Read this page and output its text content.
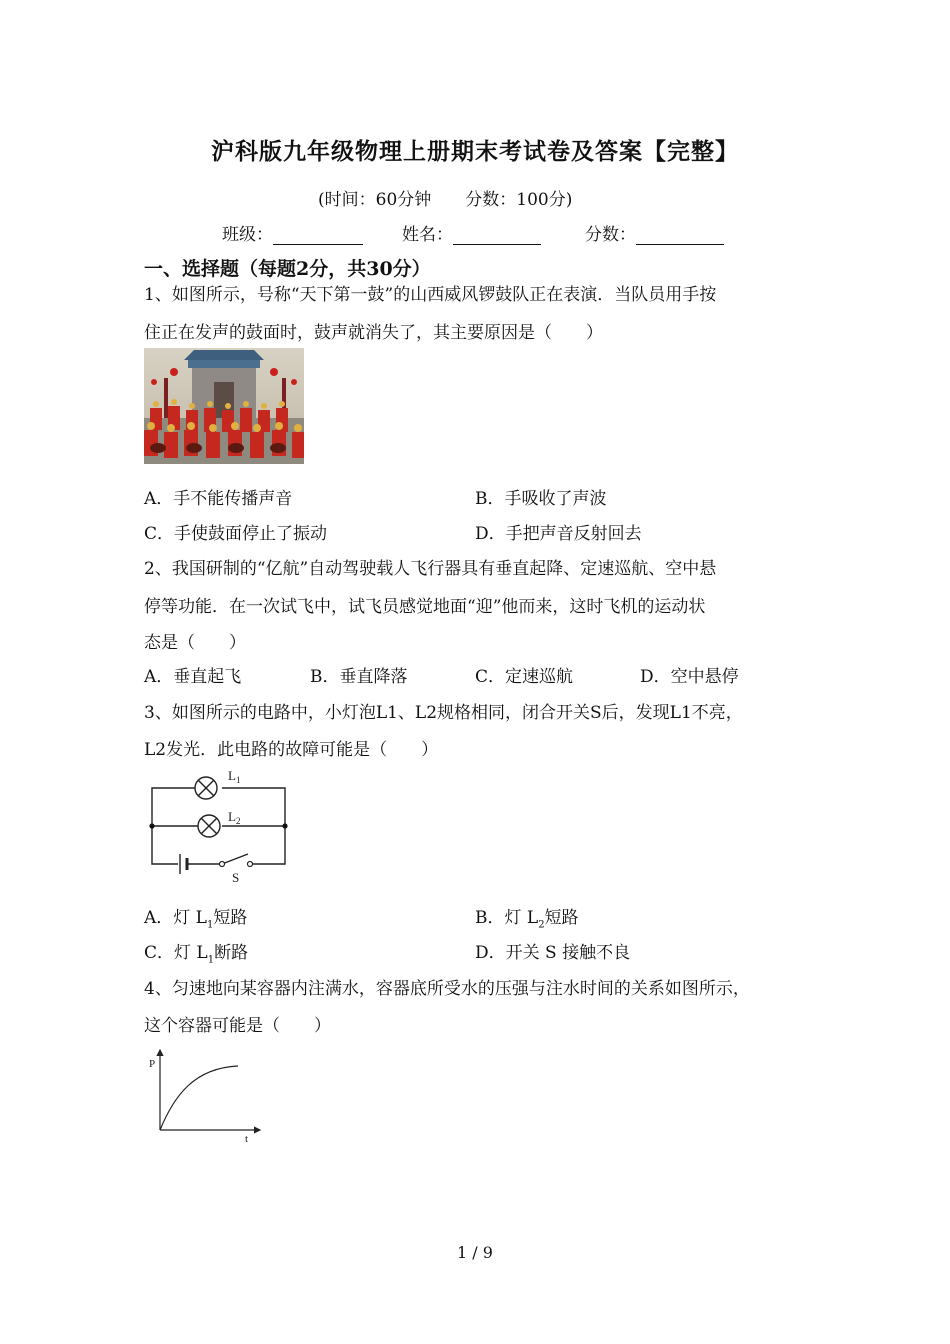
沪科版九年级物理上册期末考试卷及答案【完整】
(时间：60分钟　　分数：100分)
班级：	姓名：	分数：
一、选择题（每题2分，共30分）
1、如图所示，号称“天下第一鼓”的山西威风锣鼓队正在表演．当队员用手按
住正在发声的鼓面时，鼓声就消失了，其主要原因是（　　）
A．手不能传播声音	B．手吸收了声波
C．手使鼓面停止了振动	D．手把声音反射回去
2、我国研制的“亿航”自动驾驶载人飞行器具有垂直起降、定速巡航、空中悬
停等功能．在一次试飞中，试飞员感觉地面“迎”他而来，这时飞机的运动状
态是（　　）
A．垂直起飞	B．垂直降落	C．定速巡航	D．空中悬停
3、如图所示的电路中，小灯泡L1、L2规格相同，闭合开关S后，发现L1不亮，
L2发光．此电路的故障可能是（　　）
$L_1$
$L_2$
S
A．灯 $L_1$短路	B．灯 $L_2$短路
C．灯 $L_1$断路	D．开关 S 接触不良
4、匀速地向某容器内注满水，容器底所受水的压强与注水时间的关系如图所示，
这个容器可能是（　　）
P
t
1 / 9
